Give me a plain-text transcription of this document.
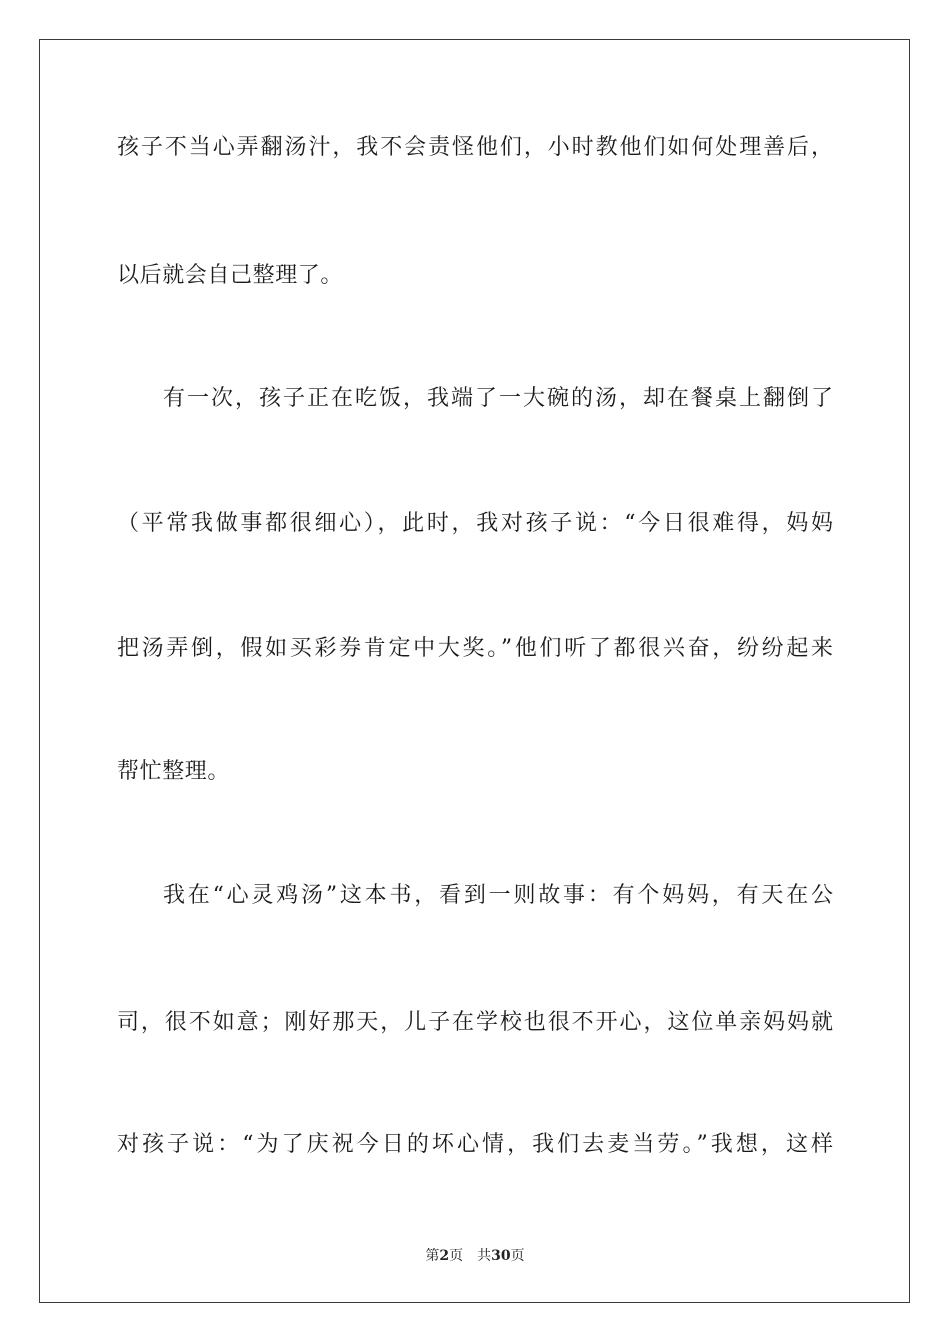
孩子不当心弄翻汤汁，我不会责怪他们，小时教他们如何处理善后，
以后就会自己整理了。
有一次，孩子正在吃饭，我端了一大碗的汤，却在餐桌上翻倒了
（平常我做事都很细心），此时，我对孩子说：“今日很难得，妈妈
把汤弄倒，假如买彩券肯定中大奖。”他们听了都很兴奋，纷纷起来
帮忙整理。
我在“心灵鸡汤”这本书，看到一则故事：有个妈妈，有天在公
司，很不如意；刚好那天，儿子在学校也很不开心，这位单亲妈妈就
对孩子说：“为了庆祝今日的坏心情，我们去麦当劳。”我想，这样
第2页 共30页
